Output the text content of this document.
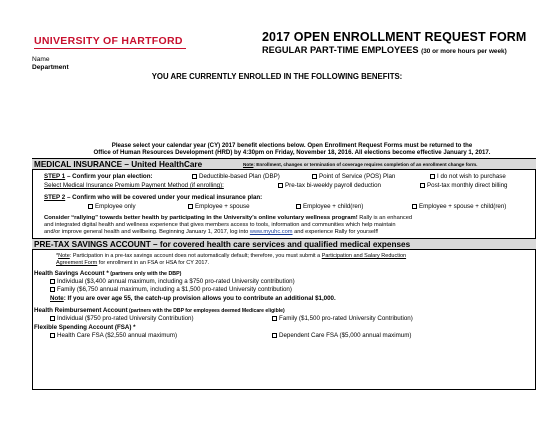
UNIVERSITY OF HARTFORD	2017 OPEN ENROLLMENT REQUEST FORM
REGULAR PART-TIME EMPLOYEES (30 or more hours per week)
Name
Department
YOU ARE CURRENTLY ENROLLED IN THE FOLLOWING BENEFITS:
Please select your calendar year (CY) 2017 benefit elections below. Open Enrollment Request Forms must be returned to the
Office of Human Resources Development (HRD) by 4:30pm on Friday, November 18, 2016. All elections become effective January 1, 2017.
MEDICAL INSURANCE – United HealthCare	Note: Enrollment, changes or termination of coverage requires completion of an enrollment change form.
STEP 1 – Confirm your plan election:	Deductible-based Plan (DBP)	Point of Service (POS) Plan	I do not wish to purchase
Select Medical Insurance Premium Payment Method (if enrolling):	Pre-tax bi-weekly payroll deduction	Post-tax monthly direct billing
STEP 2 – Confirm who will be covered under your medical insurance plan:
Employee only	Employee + spouse	Employee + child(ren)	Employee + spouse + child(ren)
Consider “rallying” towards better health by participating in the University’s online voluntary wellness program! Rally is an enhanced
and integrated digital health and wellness experience that gives members access to tools, information and communities which help maintain
and/or improve general health and wellbeing. Beginning January 1, 2017, log into www.myuhc.com and experience Rally for yourself!
PRE-TAX SAVINGS ACCOUNT – for covered health care services and qualified medical expenses
*Note: Participation in a pre-tax savings account does not automatically default; therefore, you must submit a Participation and Salary Reduction
Agreement Form for enrollment in an FSA or HSA for CY 2017.
Health Savings Account * (partners only with the DBP)
Individual ($3,400 annual maximum, including a $750 pro-rated University contribution)
Family ($6,750 annual maximum, including a $1,500 pro-rated University contribution)
Note: If you are over age 55, the catch-up provision allows you to contribute an additional $1,000.
Health Reimbursement Account (partners with the DBP for employees deemed Medicare eligible)
Individual ($750 pro-rated University Contribution)	Family ($1,500 pro-rated University Contribution)
Flexible Spending Account (FSA) *
Health Care FSA ($2,550 annual maximum)	Dependent Care FSA ($5,000 annual maximum)
